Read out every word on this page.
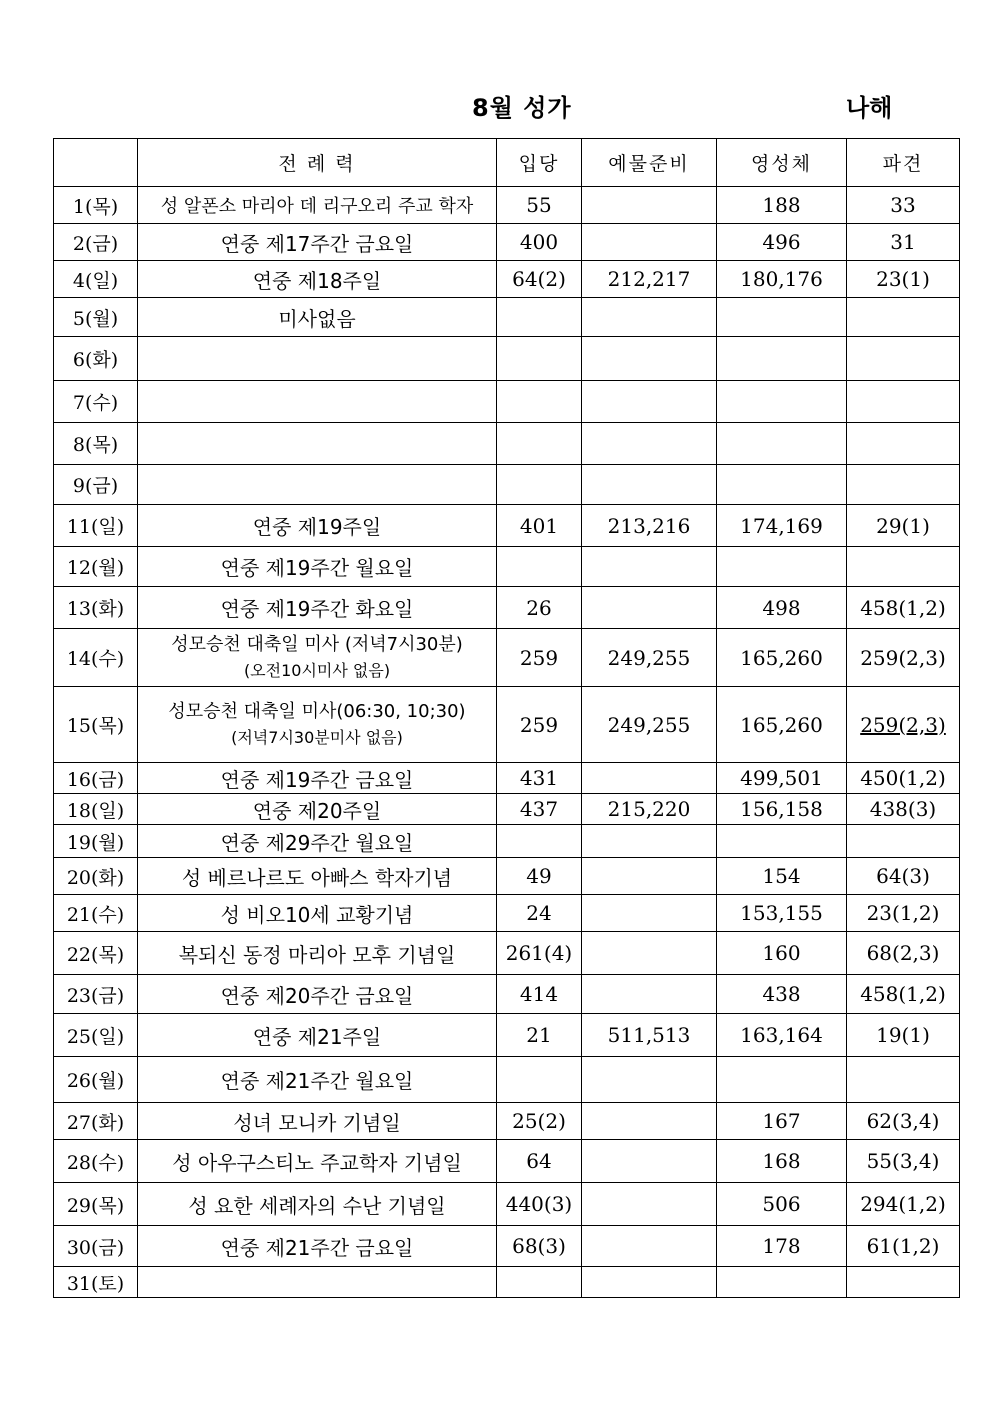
8월 성가	나해
	전 례 력	입당	예물준비	영성체	파견
1(목)	성 알폰소 마리아 데 리구오리 주교 학자	55		188	33
2(금)	연중 제17주간 금요일	400		496	31
4(일)	연중 제18주일	64(2)	212,217	180,176	23(1)
5(월)	미사없음				
6(화)					
7(수)					
8(목)					
9(금)					
11(일)	연중 제19주일	401	213,216	174,169	29(1)
12(월)	연중 제19주간 월요일				
13(화)	연중 제19주간 화요일	26		498	458(1,2)
14(수)	성모승천 대축일 미사 (저녁7시30분)
(오전10시미사 없음)	259	249,255	165,260	259(2,3)
15(목)	성모승천 대축일 미사(06:30, 10;30)
(저녁7시30분미사 없음)	259	249,255	165,260	259(2,3)
16(금)	연중 제19주간 금요일	431		499,501	450(1,2)
18(일)	연중 제20주일	437	215,220	156,158	438(3)
19(월)	연중 제29주간 월요일				
20(화)	성 베르나르도 아빠스 학자기념	49		154	64(3)
21(수)	성 비오10세 교황기념	24		153,155	23(1,2)
22(목)	복되신 동정 마리아 모후 기념일	261(4)		160	68(2,3)
23(금)	연중 제20주간 금요일	414		438	458(1,2)
25(일)	연중 제21주일	21	511,513	163,164	19(1)
26(월)	연중 제21주간 월요일				
27(화)	성녀 모니카 기념일	25(2)		167	62(3,4)
28(수)	성 아우구스티노 주교학자 기념일	64		168	55(3,4)
29(목)	성 요한 세례자의 수난 기념일	440(3)		506	294(1,2)
30(금)	연중 제21주간 금요일	68(3)		178	61(1,2)
31(토)					
